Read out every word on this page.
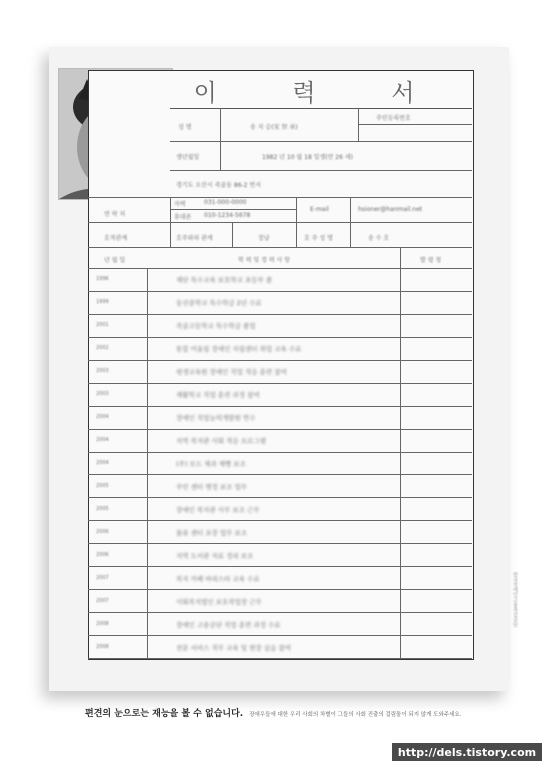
이 력 서
성 명	송 지 승(宋 智 承)
주민등록번호
생년월일	1982 년 10 월 18 일생(만 26 세)
경기도 오산시 죽골동 86-2 번지
연 락 처
자택	031-000-0000
휴대폰 010-1234-5678
E-mail	hsioner@hanmail.net
호적관계	호주와의 관계	장남	호 주 성 명	송 수 호
년 월 일	학 력 및 경 력 사 항	발 령 청
1996	재단 특수교육 보호학교 초등부 졸
1999	동선중학교 특수학급 2년 수료
2001	죽골고등학교 특수학급 졸업
2002	통합 어울림 장애인 자립센터 취업 교육 수료
2003	평생교육원 장애인 직업 적응 훈련 참여
2003	재활학교 직업 훈련 과정 참여
2004	장애인 직업능력개발원 연수
2004	지역 복지관 사회 적응 프로그램
2004	(주) 모드 제과 제빵 보조
2005	주민 센터 행정 보조 업무
2005	장애인 복지관 사무 보조 근무
2006	물류 센터 포장 업무 보조
2006	지역 도서관 자료 정리 보조
2007	복지 카페 바리스타 교육 수료
2007	사회복지법인 보호작업장 근무
2008	장애인 고용공단 직업 훈련 과정 수료
2008	전문 서비스 직무 교육 및 현장 실습 참여
한국장애인고용촉진공단
편견의 눈으로는 재능을 볼 수 없습니다. 장애우들에 대한 우리 사회의 차별이 그들의 사회 진출의 걸림돌이 되지 않게 도와주세요.
http://dels.tistory.com
